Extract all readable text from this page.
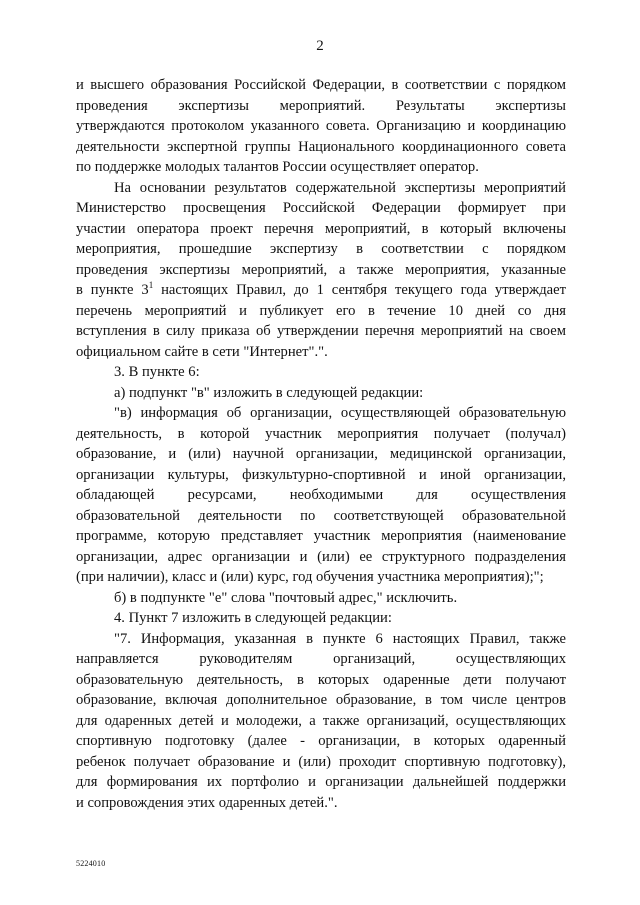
2

и высшего образования Российской Федерации, в соответствии с порядком
проведения экспертизы мероприятий. Результаты экспертизы
утверждаются протоколом указанного совета. Организацию и координацию
деятельности экспертной группы Национального координационного совета
по поддержке молодых талантов России осуществляет оператор.

На основании результатов содержательной экспертизы мероприятий
Министерство просвещения Российской Федерации формирует при
участии оператора проект перечня мероприятий, в который включены
мероприятия, прошедшие экспертизу в соответствии с порядком
проведения экспертизы мероприятий, а также мероприятия, указанные
в пункте $3^1$ настоящих Правил, до 1 сентября текущего года утверждает
перечень мероприятий и публикует его в течение 10 дней со дня
вступления в силу приказа об утверждении перечня мероприятий на своем
официальном сайте в сети "Интернет".".

3. В пункте 6:

а) подпункт "в" изложить в следующей редакции:

"в) информация об организации, осуществляющей образовательную
деятельность, в которой участник мероприятия получает (получал)
образование, и (или) научной организации, медицинской организации,
организации культуры, физкультурно-спортивной и иной организации,
обладающей ресурсами, необходимыми для осуществления
образовательной деятельности по соответствующей образовательной
программе, которую представляет участник мероприятия (наименование
организации, адрес организации и (или) ее структурного подразделения
(при наличии), класс и (или) курс, год обучения участника мероприятия);";

б) в подпункте "е" слова "почтовый адрес," исключить.

4. Пункт 7 изложить в следующей редакции:

"7. Информация, указанная в пункте 6 настоящих Правил, также
направляется руководителям организаций, осуществляющих
образовательную деятельность, в которых одаренные дети получают
образование, включая дополнительное образование, в том числе центров
для одаренных детей и молодежи, а также организаций, осуществляющих
спортивную подготовку (далее - организации, в которых одаренный
ребенок получает образование и (или) проходит спортивную подготовку),
для формирования их портфолио и организации дальнейшей поддержки
и сопровождения этих одаренных детей.".

5224010
